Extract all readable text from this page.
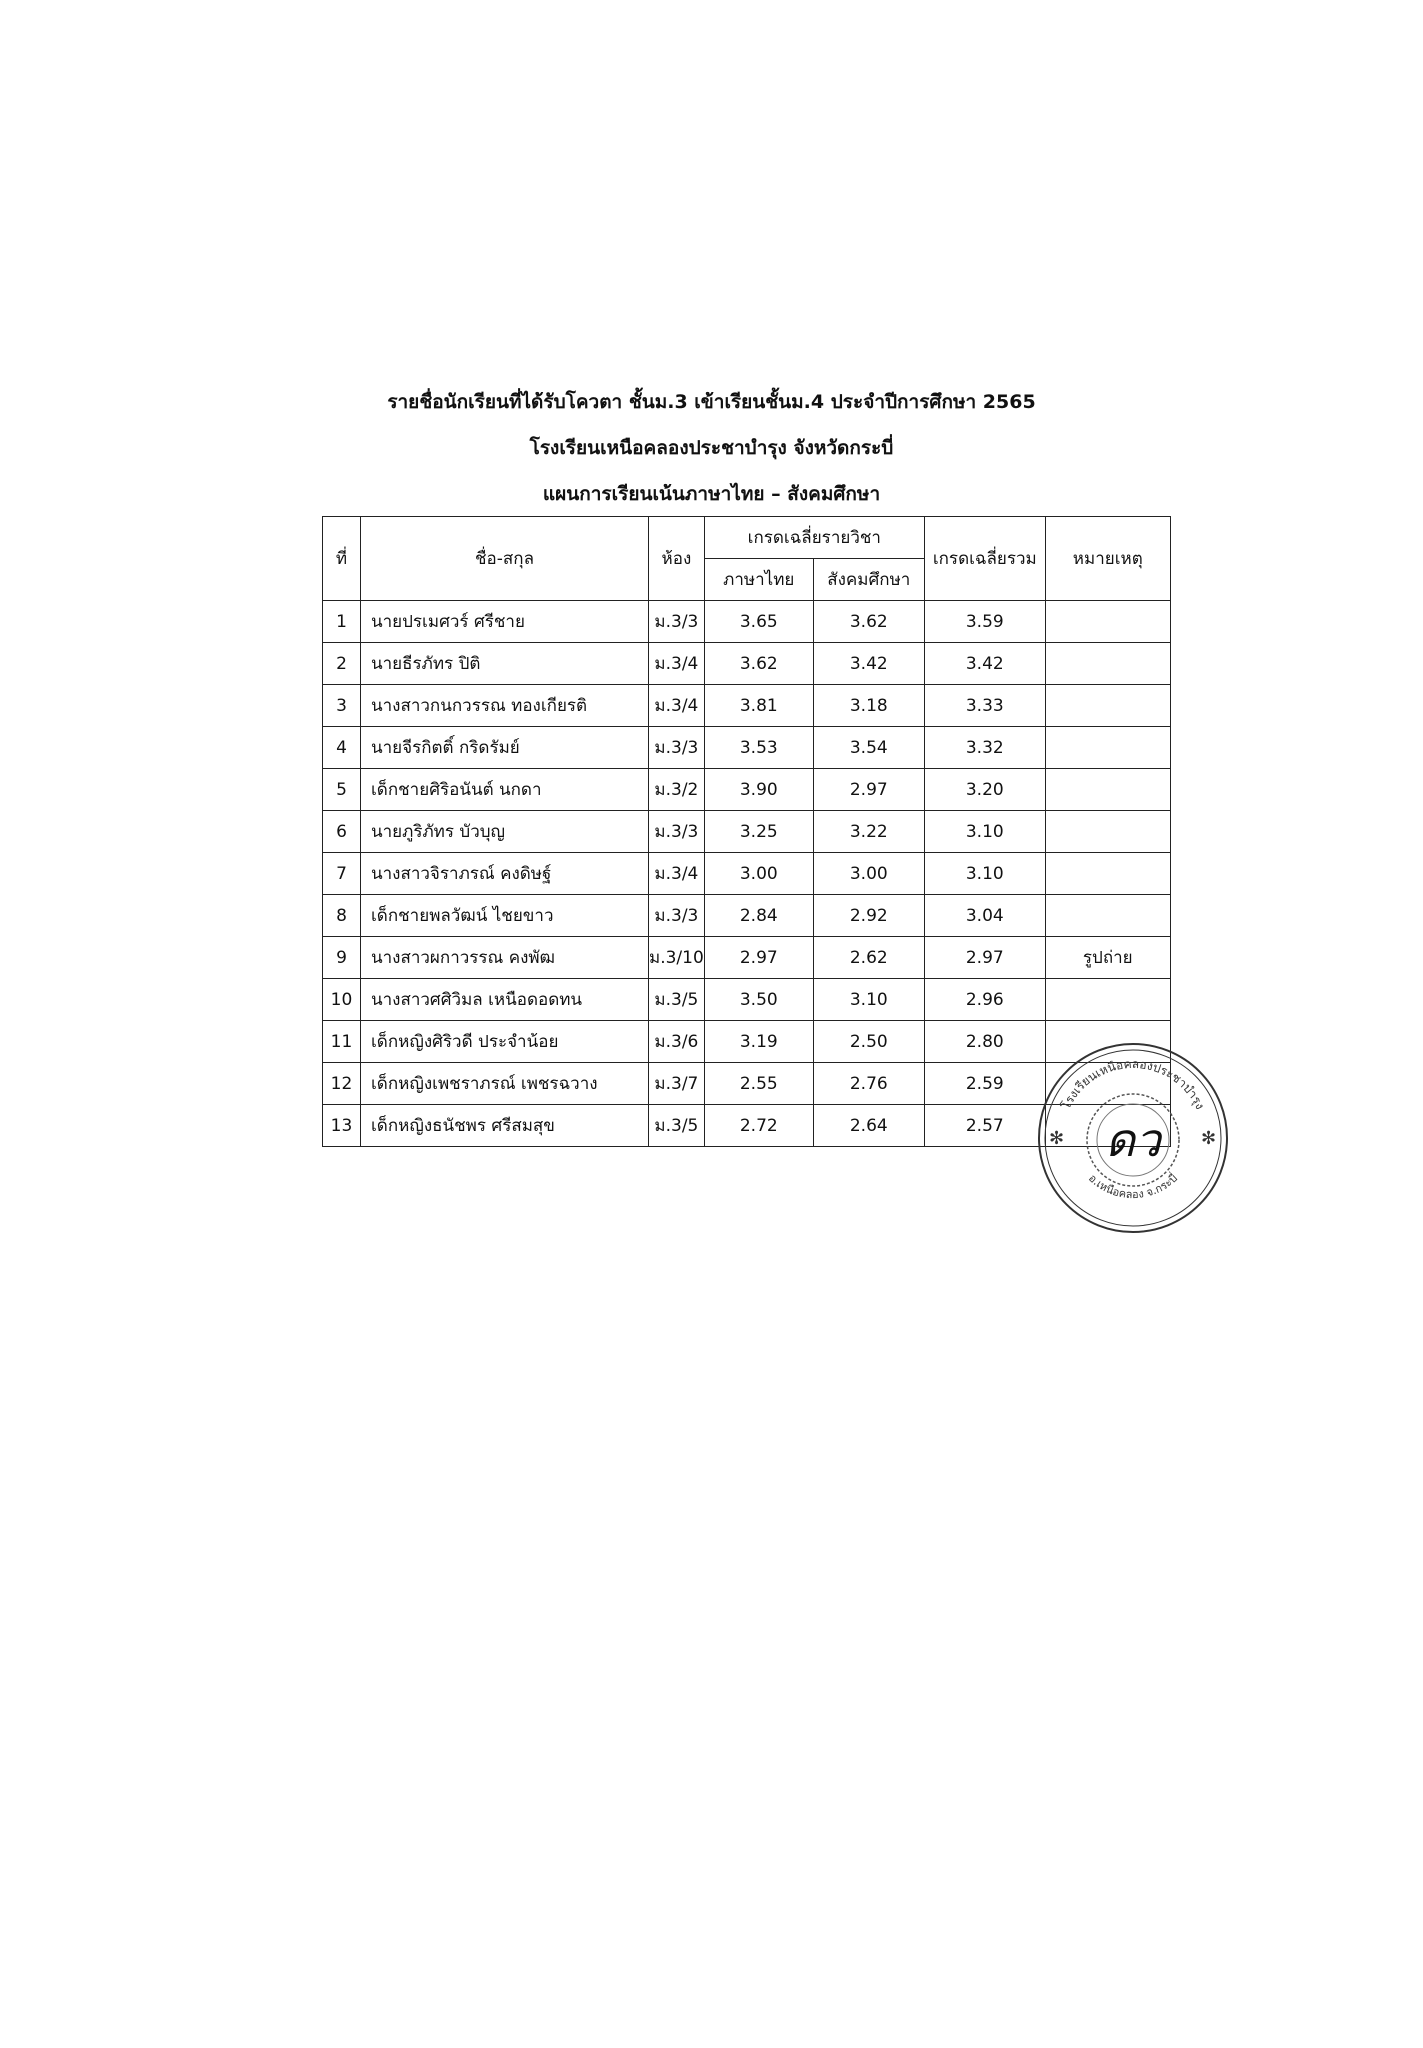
รายชื่อนักเรียนที่ได้รับโควตา ชั้นม.3 เข้าเรียนชั้นม.4 ประจำปีการศึกษา 2565
โรงเรียนเหนือคลองประชาบำรุง จังหวัดกระบี่
แผนการเรียนเน้นภาษาไทย – สังคมศึกษา
ที่	ชื่อ-สกุล	ห้อง	เกรดเฉลี่ยรายวิชา		เกรดเฉลี่ยรวม	หมายเหตุ
			ภาษาไทย	สังคมศึกษา		
1	นายปรเมศวร์ ศรีชาย	ม.3/3	3.65	3.62	3.59	
2	นายธีรภัทร ปิติ	ม.3/4	3.62	3.42	3.42	
3	นางสาวกนกวรรณ ทองเกียรติ	ม.3/4	3.81	3.18	3.33	
4	นายจีรกิตติ์ กริดรัมย์	ม.3/3	3.53	3.54	3.32	
5	เด็กชายศิริอนันต์ นกดา	ม.3/2	3.90	2.97	3.20	
6	นายภูริภัทร บัวบุญ	ม.3/3	3.25	3.22	3.10	
7	นางสาวจิราภรณ์ คงดิษฐ์	ม.3/4	3.00	3.00	3.10	
8	เด็กชายพลวัฒน์ ไชยขาว	ม.3/3	2.84	2.92	3.04	
9	นางสาวผกาวรรณ คงพัฒ	ม.3/10	2.97	2.62	2.97	รูปถ่าย
10	นางสาวศศิวิมล เหนือดอดทน	ม.3/5	3.50	3.10	2.96	
11	เด็กหญิงศิริวดี ประจำน้อย	ม.3/6	3.19	2.50	2.80	
12	เด็กหญิงเพชราภรณ์ เพชรฉวาง	ม.3/7	2.55	2.76	2.59	
13	เด็กหญิงธนัชพร ศรีสมสุข	ม.3/5	2.72	2.64	2.57	
โรงเรียนเหนือคลองประชาบำรุง
อ.เหนือคลอง จ.กระบี่
✻	✻
ดว
